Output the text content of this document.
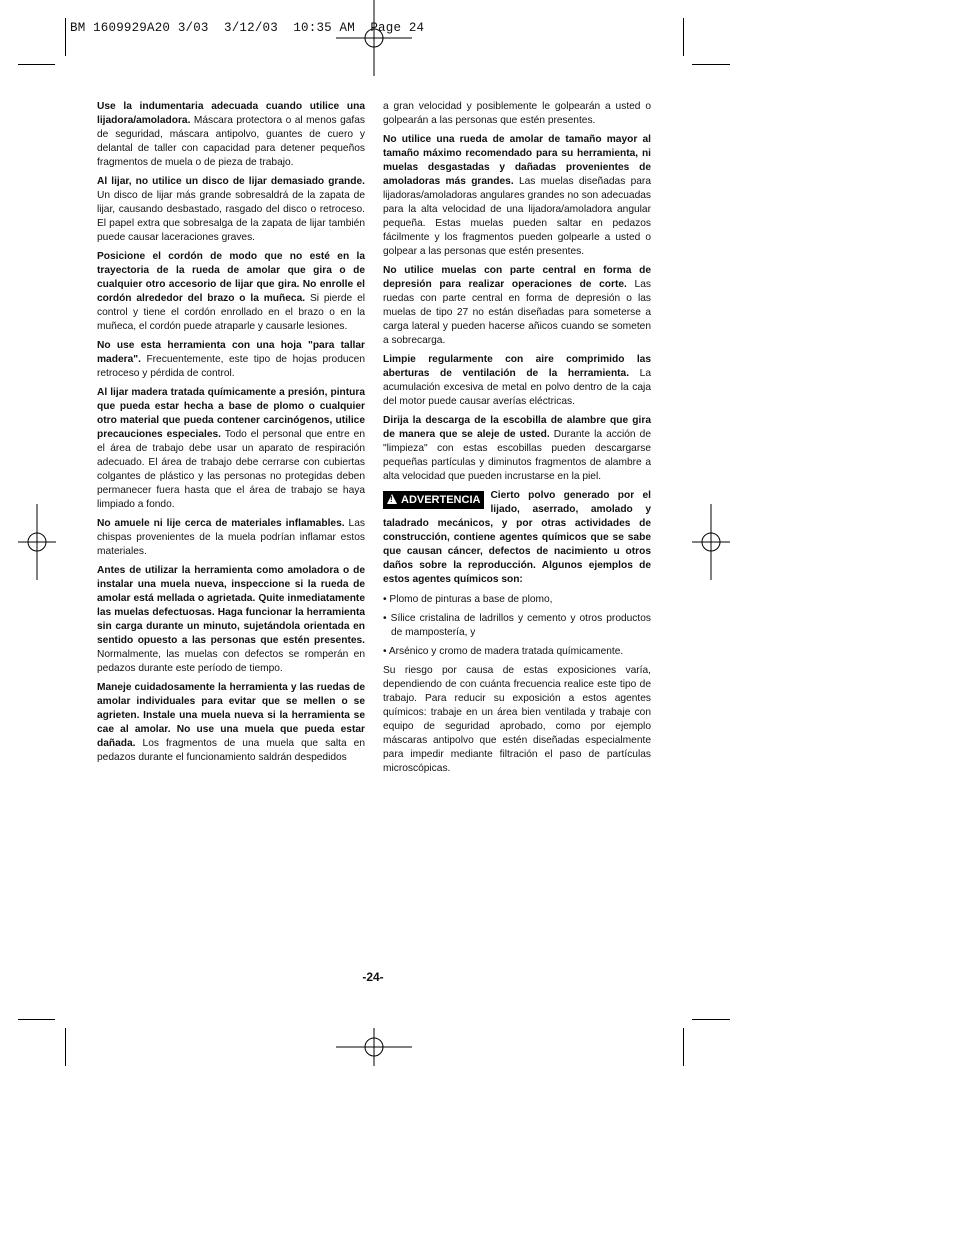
BM 1609929A20 3/03  3/12/03  10:35 AM  Page 24

Use la indumentaria adecuada cuando utilice una lijadora/amoladora. Máscara protectora o al menos gafas de seguridad, máscara antipolvo, guantes de cuero y delantal de taller con capacidad para detener pequeños fragmentos de muela o de pieza de trabajo.

Al lijar, no utilice un disco de lijar demasiado grande. Un disco de lijar más grande sobresaldrá de la zapata de lijar, causando desbastado, rasgado del disco o retroceso. El papel extra que sobresalga de la zapata de lijar también puede causar laceraciones graves.

Posicione el cordón de modo que no esté en la trayectoria de la rueda de amolar que gira o de cualquier otro accesorio de lijar que gira. No enrolle el cordón alrededor del brazo o la muñeca. Si pierde el control y tiene el cordón enrollado en el brazo o en la muñeca, el cordón puede atraparle y causarle lesiones.

No use esta herramienta con una hoja "para tallar madera". Frecuentemente, este tipo de hojas producen retroceso y pérdida de control.

Al lijar madera tratada químicamente a presión, pintura que pueda estar hecha a base de plomo o cualquier otro material que pueda contener carcinógenos, utilice precauciones especiales. Todo el personal que entre en el área de trabajo debe usar un aparato de respiración adecuado. El área de trabajo debe cerrarse con cubiertas colgantes de plástico y las personas no protegidas deben permanecer fuera hasta que el área de trabajo se haya limpiado a fondo.

No amuele ni lije cerca de materiales inflamables. Las chispas provenientes de la muela podrían inflamar estos materiales.

Antes de utilizar la herramienta como amoladora o de instalar una muela nueva, inspeccione si la rueda de amolar está mellada o agrietada. Quite inmediatamente las muelas defectuosas. Haga funcionar la herramienta sin carga durante un minuto, sujetándola orientada en sentido opuesto a las personas que estén presentes. Normalmente, las muelas con defectos se romperán en pedazos durante este período de tiempo.

Maneje cuidadosamente la herramienta y las ruedas de amolar individuales para evitar que se mellen o se agrieten. Instale una muela nueva si la herramienta se cae al amolar. No use una muela que pueda estar dañada. Los fragmentos de una muela que salta en pedazos durante el funcionamiento saldrán despedidos

a gran velocidad y posiblemente le golpearán a usted o golpearán a las personas que estén presentes.

No utilice una rueda de amolar de tamaño mayor al tamaño máximo recomendado para su herramienta, ni muelas desgastadas y dañadas provenientes de amoladoras más grandes. Las muelas diseñadas para lijadoras/amoladoras angulares grandes no son adecuadas para la alta velocidad de una lijadora/amoladora angular pequeña. Estas muelas pueden saltar en pedazos fácilmente y los fragmentos pueden golpearle a usted o golpear a las personas que estén presentes.

No utilice muelas con parte central en forma de depresión para realizar operaciones de corte. Las ruedas con parte central en forma de depresión o las muelas de tipo 27 no están diseñadas para someterse a carga lateral y pueden hacerse añicos cuando se someten a sobrecarga.

Limpie regularmente con aire comprimido las aberturas de ventilación de la herramienta. La acumulación excesiva de metal en polvo dentro de la caja del motor puede causar averías eléctricas.

Dirija la descarga de la escobilla de alambre que gira de manera que se aleje de usted. Durante la acción de "limpieza" con estas escobillas pueden descargarse pequeñas partículas y diminutos fragmentos de alambre a alta velocidad que pueden incrustarse en la piel.

! ADVERTENCIA Cierto polvo generado por el lijado, aserrado, amolado y taladrado mecánicos, y por otras actividades de construcción, contiene agentes químicos que se sabe que causan cáncer, defectos de nacimiento u otros daños sobre la reproducción. Algunos ejemplos de estos agentes químicos son:

• Plomo de pinturas a base de plomo,

• Sílice cristalina de ladrillos y cemento y otros productos de mampostería, y

• Arsénico y cromo de madera tratada químicamente.

Su riesgo por causa de estas exposiciones varía, dependiendo de con cuánta frecuencia realice este tipo de trabajo. Para reducir su exposición a estos agentes químicos: trabaje en un área bien ventilada y trabaje con equipo de seguridad aprobado, como por ejemplo máscaras antipolvo que estén diseñadas especialmente para impedir mediante filtración el paso de partículas microscópicas.

-24-
